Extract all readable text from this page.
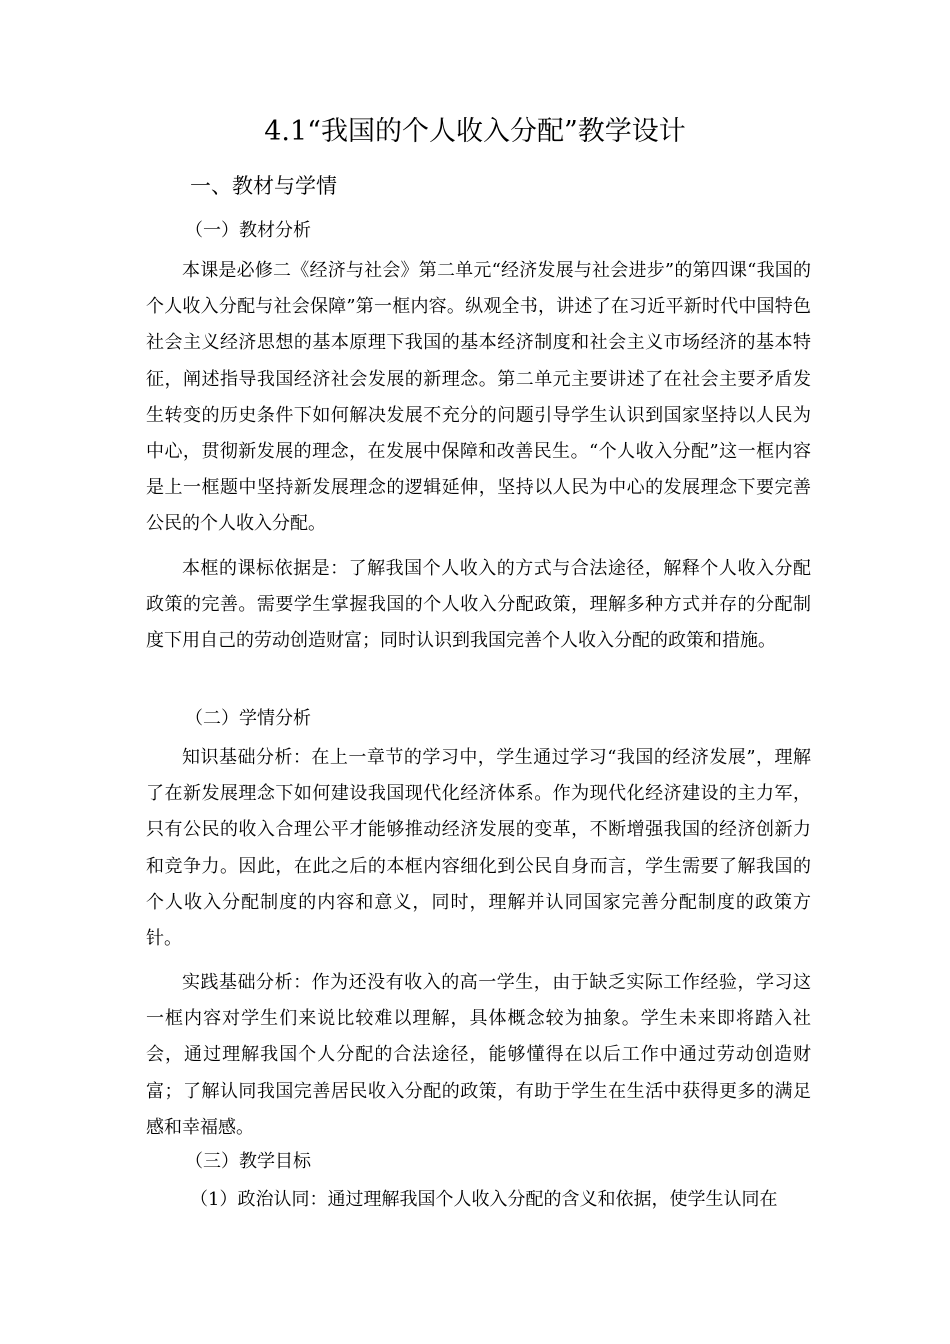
4.1“我国的个人收入分配”教学设计
一、教材与学情
（一）教材分析

本课是必修二《经济与社会》第二单元“经济发展与社会进步”的第四课“我国的个人收入分配与社会保障”第一框内容。纵观全书，讲述了在习近平新时代中国特色社会主义经济思想的基本原理下我国的基本经济制度和社会主义市场经济的基本特征，阐述指导我国经济社会发展的新理念。第二单元主要讲述了在社会主要矛盾发生转变的历史条件下如何解决发展不充分的问题引导学生认识到国家坚持以人民为中心，贯彻新发展的理念，在发展中保障和改善民生。“个人收入分配”这一框内容是上一框题中坚持新发展理念的逻辑延伸，坚持以人民为中心的发展理念下要完善公民的个人收入分配。

本框的课标依据是：了解我国个人收入的方式与合法途径，解释个人收入分配政策的完善。需要学生掌握我国的个人收入分配政策，理解多种方式并存的分配制度下用自己的劳动创造财富；同时认识到我国完善个人收入分配的政策和措施。

（二）学情分析

知识基础分析：在上一章节的学习中，学生通过学习“我国的经济发展”，理解了在新发展理念下如何建设我国现代化经济体系。作为现代化经济建设的主力军，只有公民的收入合理公平才能够推动经济发展的变革，不断增强我国的经济创新力和竞争力。因此，在此之后的本框内容细化到公民自身而言，学生需要了解我国的个人收入分配制度的内容和意义，同时，理解并认同国家完善分配制度的政策方针。

实践基础分析：作为还没有收入的高一学生，由于缺乏实际工作经验，学习这一框内容对学生们来说比较难以理解，具体概念较为抽象。学生未来即将踏入社会，通过理解我国个人分配的合法途径，能够懂得在以后工作中通过劳动创造财富；了解认同我国完善居民收入分配的政策，有助于学生在生活中获得更多的满足感和幸福感。

（三）教学目标

（1）政治认同：通过理解我国个人收入分配的含义和依据，使学生认同在
